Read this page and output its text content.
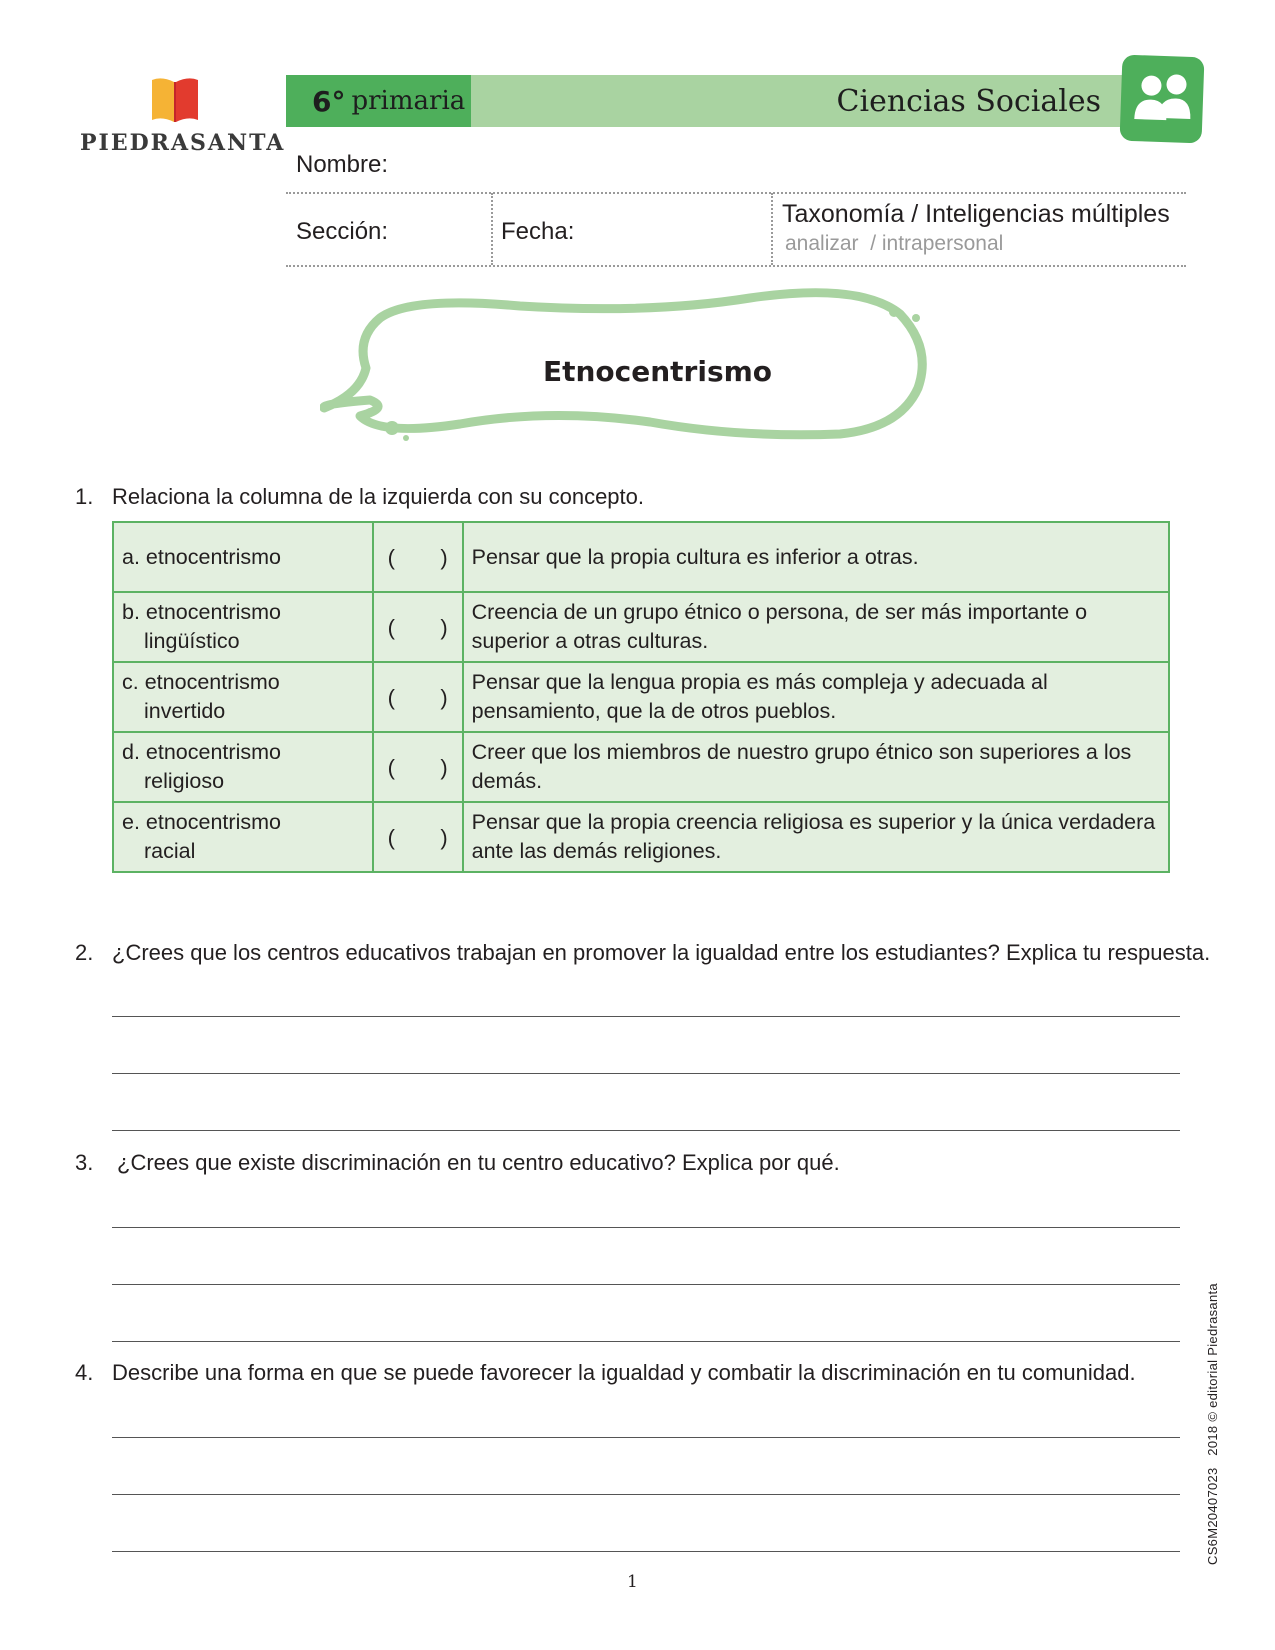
PIEDRASANTA
6° primaria	Ciencias Sociales
Nombre:
Sección:	Fecha:
Taxonomía / Inteligencias múltiples
analizar  / intrapersonal
Etnocentrismo
1. Relaciona la columna de la izquierda con su concepto.
a. etnocentrismo	( )	Pensar que la propia cultura es inferior a otras.
b. etnocentrismo
lingüístico	( )	Creencia de un grupo étnico o persona, de ser más importante o superior a otras culturas.
c. etnocentrismo
invertido	( )	Pensar que la lengua propia es más compleja y adecuada al pensamiento, que la de otros pueblos.
d. etnocentrismo
religioso	( )	Creer que los miembros de nuestro grupo étnico son superiores a los demás.
e. etnocentrismo
racial	( )	Pensar que la propia creencia religiosa es superior y la única verdadera ante las demás religiones.
2. ¿Crees que los centros educativos trabajan en promover la igualdad entre los estudiantes? Explica tu respuesta.
3. ¿Crees que existe discriminación en tu centro educativo? Explica por qué.
4. Describe una forma en que se puede favorecer la igualdad y combatir la discriminación en tu comunidad.
1
CS6M20407023   2018 © editorial Piedrasanta
